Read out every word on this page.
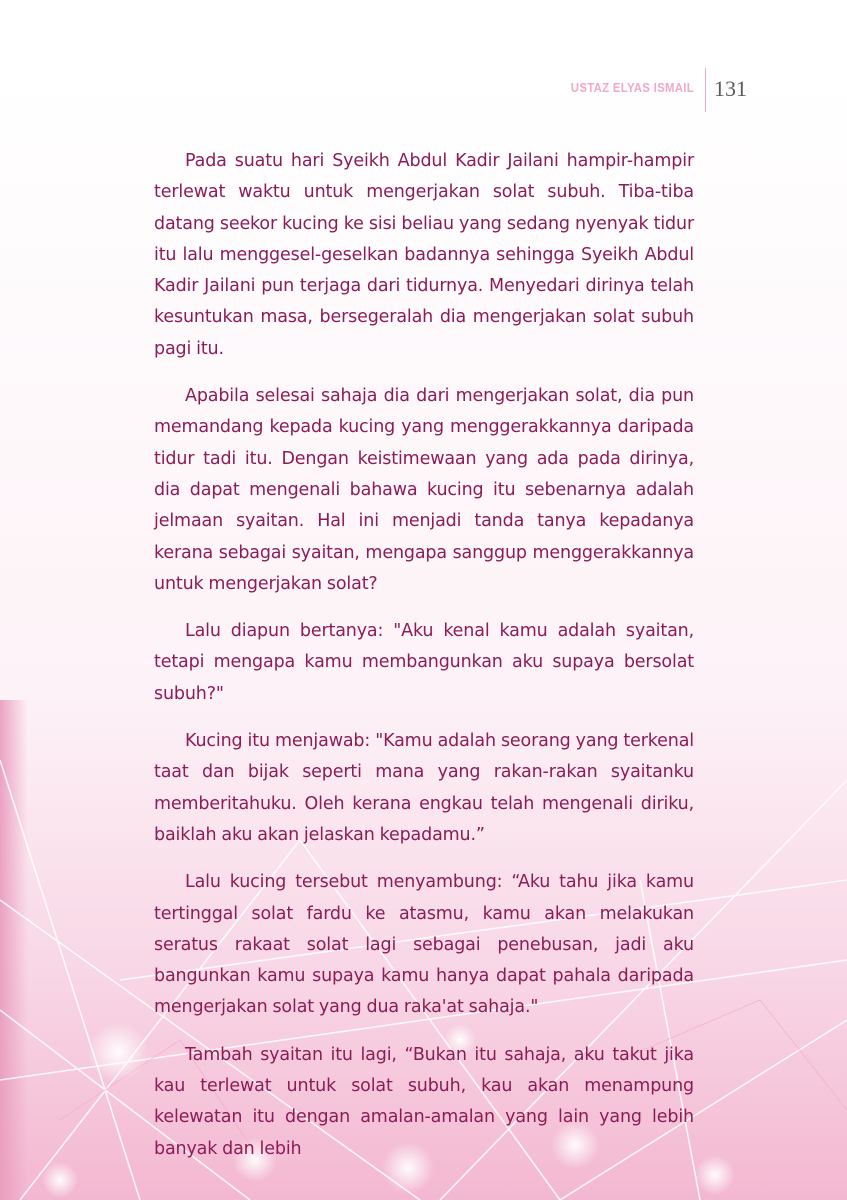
USTAZ ELYAS ISMAIL 131

Pada suatu hari Syeikh Abdul Kadir Jailani hampir-hampir terlewat waktu untuk mengerjakan solat subuh. Tiba-tiba datang seekor kucing ke sisi beliau yang sedang nyenyak tidur itu lalu menggesel-geselkan badannya sehingga Syeikh Abdul Kadir Jailani pun terjaga dari tidurnya. Menyedari dirinya telah kesuntukan masa, bersegeralah dia mengerjakan solat subuh pagi itu.

Apabila selesai sahaja dia dari mengerjakan solat, dia pun memandang kepada kucing yang menggerakkannya daripada tidur tadi itu. Dengan keistimewaan yang ada pada dirinya, dia dapat mengenali bahawa kucing itu sebenarnya adalah jelmaan syaitan. Hal ini menjadi tanda tanya kepadanya kerana sebagai syaitan, mengapa sanggup menggerakkannya untuk mengerjakan solat?

Lalu diapun bertanya: "Aku kenal kamu adalah syaitan, tetapi mengapa kamu membangunkan aku supaya bersolat subuh?"

Kucing itu menjawab: "Kamu adalah seorang yang terkenal taat dan bijak seperti mana yang rakan-rakan syaitanku memberitahuku. Oleh kerana engkau telah mengenali diriku, baiklah aku akan jelaskan kepadamu.”

Lalu kucing tersebut menyambung: “Aku tahu jika kamu tertinggal solat fardu ke atasmu, kamu akan melakukan seratus rakaat solat lagi sebagai penebusan, jadi aku bangunkan kamu supaya kamu hanya dapat pahala daripada mengerjakan solat yang dua raka'at sahaja."

Tambah syaitan itu lagi, “Bukan itu sahaja, aku takut jika kau terlewat untuk solat subuh, kau akan menampung kelewatan itu dengan amalan-amalan yang lain yang lebih banyak dan lebih
